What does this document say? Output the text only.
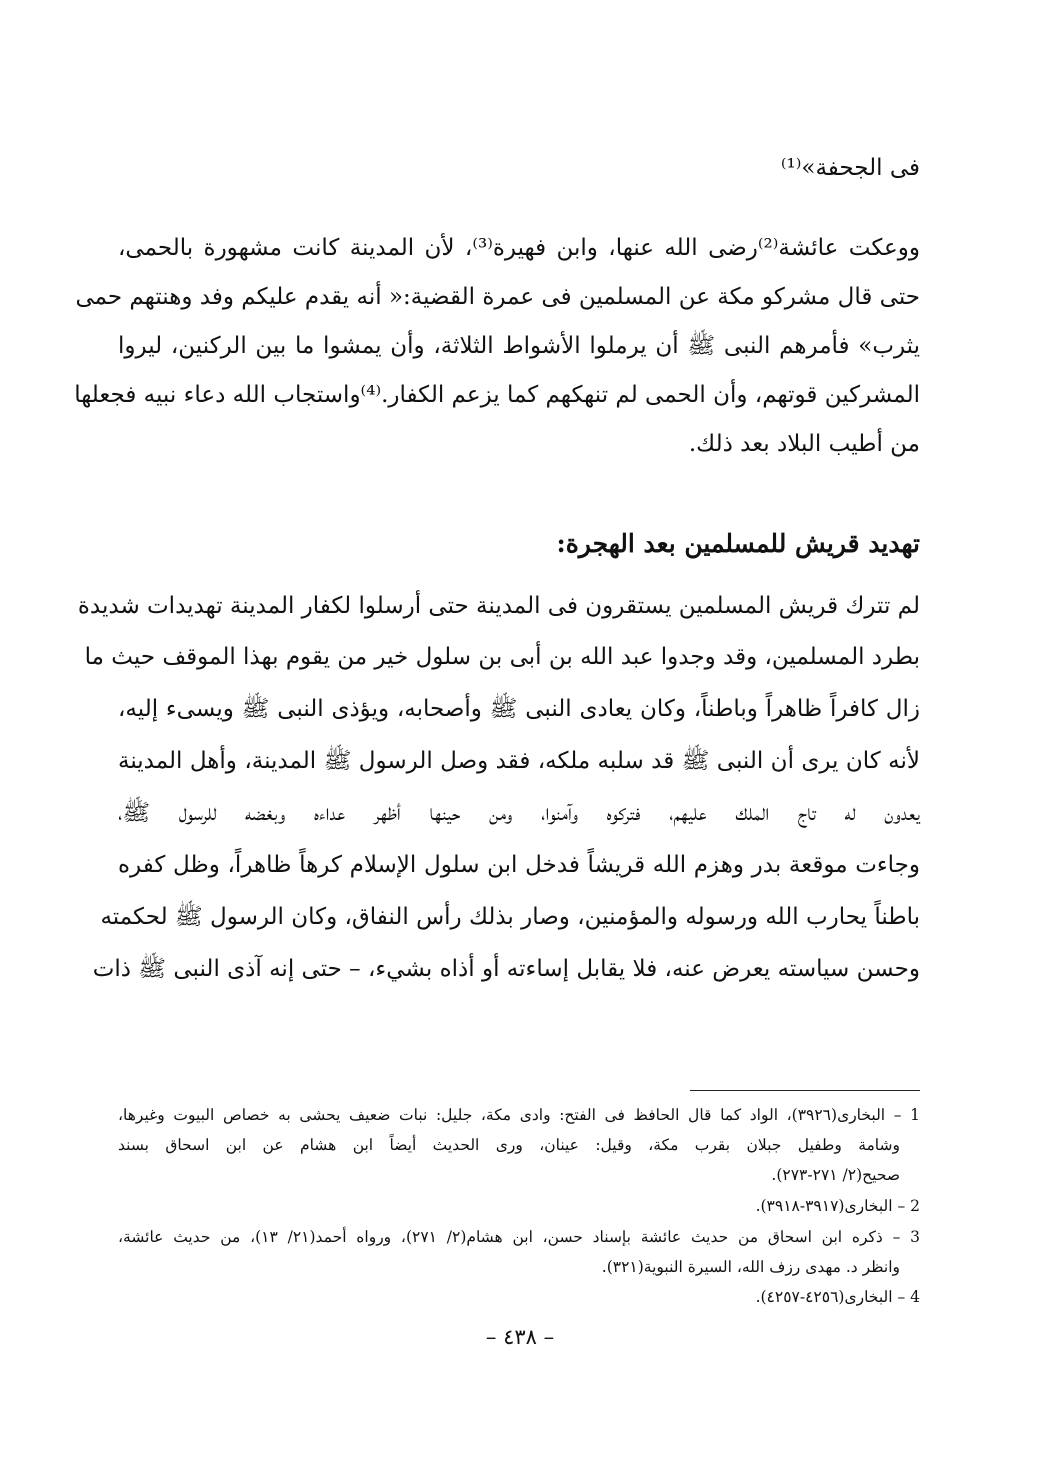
فى الجحفة»⁽¹⁾
ووعكت عائشة⁽²⁾رضى الله عنها، وابن فهيرة⁽³⁾، لأن المدينة كانت مشهورة بالحمى،
حتى قال مشركو مكة عن المسلمين فى عمرة القضية:« أنه يقدم عليكم وفد وهنتهم حمى
يثرب» فأمرهم النبى ﷺ أن يرملوا الأشواط الثلاثة، وأن يمشوا ما بين الركنين، ليروا
المشركين قوتهم، وأن الحمى لم تنهكهم كما يزعم الكفار.⁽⁴⁾واستجاب الله دعاء نبيه فجعلها
من أطيب البلاد بعد ذلك.
تهديد قريش للمسلمين بعد الهجرة:
لم تترك قريش المسلمين يستقرون فى المدينة حتى أرسلوا لكفار المدينة تهديدات شديدة
بطرد المسلمين، وقد وجدوا عبد الله بن أبى بن سلول خير من يقوم بهذا الموقف حيث ما
زال كافراً ظاهراً وباطناً، وكان يعادى النبى ﷺ وأصحابه، ويؤذى النبى ﷺ ويسىء إليه،
لأنه كان يرى أن النبى ﷺ قد سلبه ملكه، فقد وصل الرسول ﷺ المدينة، وأهل المدينة
يعدون له تاج الملك عليهم، فتركوه وآمنوا، ومن حينها أظهر عداءه وبغضه للرسول ﷺ،
وجاءت موقعة بدر وهزم الله قريشاً فدخل ابن سلول الإسلام كرهاً ظاهراً، وظل كفره
باطناً يحارب الله ورسوله والمؤمنين، وصار بذلك رأس النفاق، وكان الرسول ﷺ لحكمته
وحسن سياسته يعرض عنه، فلا يقابل إساءته أو أذاه بشيء، – حتى إنه آذى النبى ﷺ ذات
1 – البخارى(٣٩٢٦)، الواد كما قال الحافظ فى الفتح: وادى مكة، جليل: نبات ضعيف يحشى به خصاص البيوت وغيرها،
وشامة وطفيل جبلان بقرب مكة، وقيل: عينان، ورى الحديث أيضاً ابن هشام عن ابن اسحاق بسند
صحيح(٢/ ٢٧١-٢٧٣).
2 – البخارى(٣٩١٧-٣٩١٨).
3 – ذكره ابن اسحاق من حديث عائشة بإسناد حسن، ابن هشام(٢/ ٢٧١)، ورواه أحمد(٢١/ ١٣)، من حديث عائشة،
وانظر د. مهدى رزف الله، السيرة النبوية(٣٢١).
4 – البخارى(٤٢٥٦-٤٢٥٧).
– ٤٣٨ –
